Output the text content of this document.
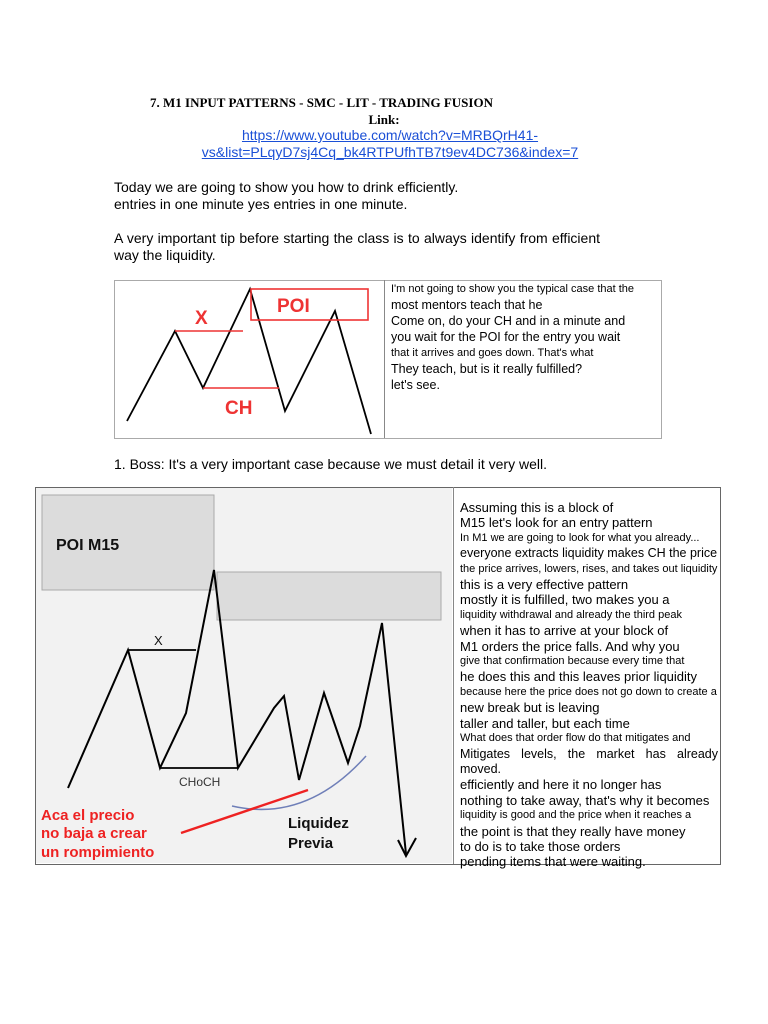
7. M1 INPUT PATTERNS - SMC - LIT - TRADING FUSION
Link:
https://www.youtube.com/watch?v=MRBQrH41-
vs&list=PLqyD7sj4Cq_bk4RTPUfhTB7t9ev4DC736&index=7
Today we are going to show you how to drink efficiently.
entries in one minute yes entries in one minute.
A very important tip before starting the class is to always identify from efficient way the liquidity.
X
POI
CH
I'm not going to show you the typical case that the
most mentors teach that he
Come on, do your CH and in a minute and
you wait for the POI for the entry you wait
that it arrives and goes down. That's what
They teach, but is it really fulfilled?
let's see.
1. Boss: It's a very important case because we must detail it very well.
POI M15
X
CHoCH
Aca el precio
no baja a crear
un rompimiento
Liquidez
Previa
Assuming this is a block of
M15 let's look for an entry pattern
In M1 we are going to look for what you already...
everyone extracts liquidity makes CH the price
the price arrives, lowers, rises, and takes out liquidity
this is a very effective pattern
mostly it is fulfilled, two makes you a
liquidity withdrawal and already the third peak
when it has to arrive at your block of
M1 orders the price falls. And why you
give that confirmation because every time that
he does this and this leaves prior liquidity
because here the price does not go down to create a
new break but is leaving
taller and taller, but each time
What does that order flow do that mitigates and
Mitigates levels, the market has already moved.
efficiently and here it no longer has
nothing to take away, that's why it becomes
liquidity is good and the price when it reaches a
the point is that they really have money
to do is to take those orders
pending items that were waiting.
